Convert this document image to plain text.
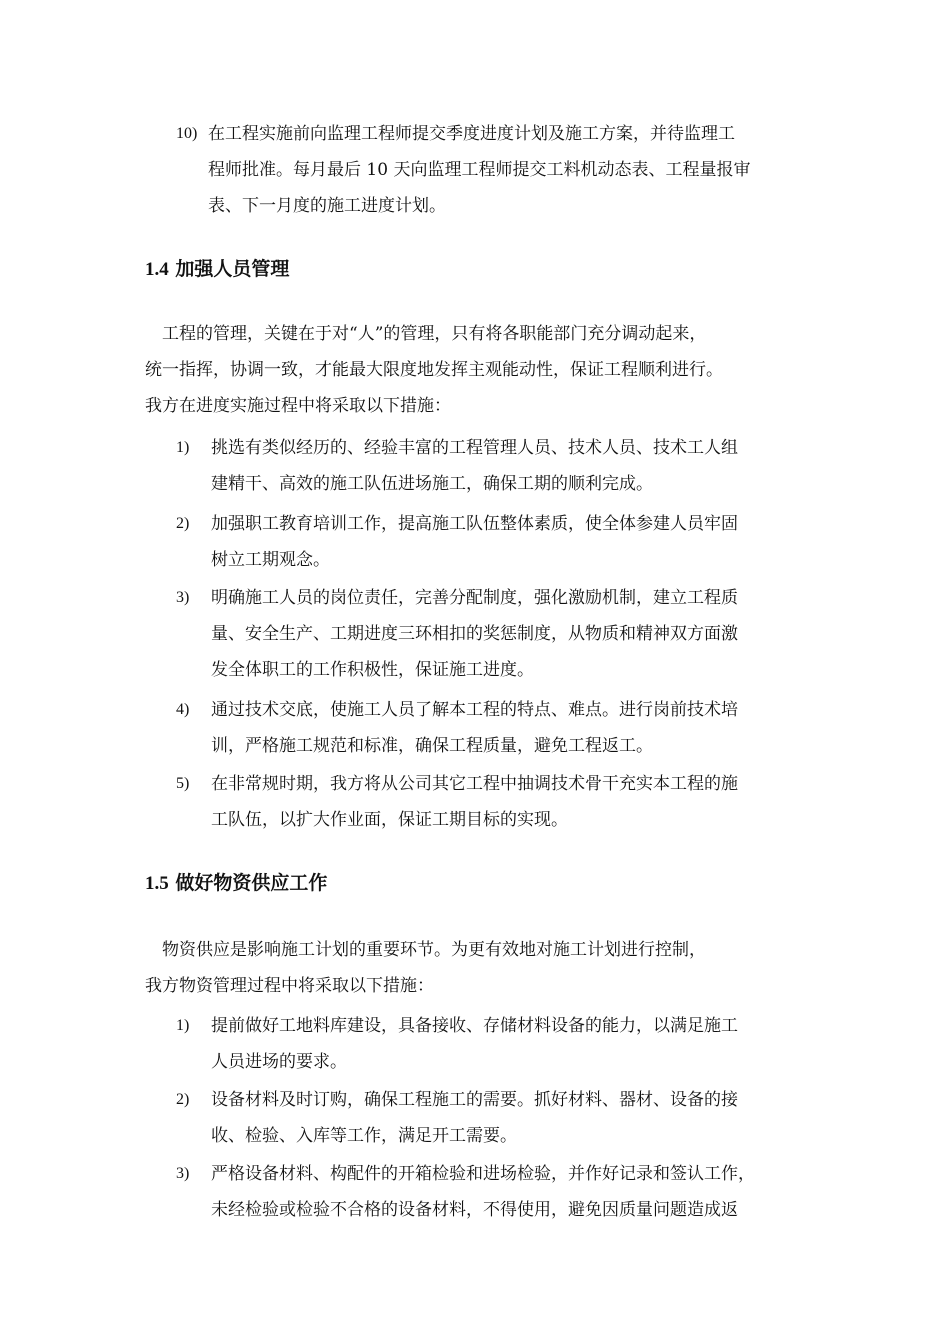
10) 在工程实施前向监理工程师提交季度进度计划及施工方案，并待监理工
程师批准。每月最后 10 天向监理工程师提交工料机动态表、工程量报审
表、下一月度的施工进度计划。
1.4 加强人员管理
　工程的管理，关键在于对“人”的管理，只有将各职能部门充分调动起来，
统一指挥，协调一致，才能最大限度地发挥主观能动性，保证工程顺利进行。
我方在进度实施过程中将采取以下措施：
1) 挑选有类似经历的、经验丰富的工程管理人员、技术人员、技术工人组
建精干、高效的施工队伍进场施工，确保工期的顺利完成。
2) 加强职工教育培训工作，提高施工队伍整体素质，使全体参建人员牢固
树立工期观念。
3) 明确施工人员的岗位责任，完善分配制度，强化激励机制，建立工程质
量、安全生产、工期进度三环相扣的奖惩制度，从物质和精神双方面激
发全体职工的工作积极性，保证施工进度。
4) 通过技术交底，使施工人员了解本工程的特点、难点。进行岗前技术培
训，严格施工规范和标准，确保工程质量，避免工程返工。
5) 在非常规时期，我方将从公司其它工程中抽调技术骨干充实本工程的施
工队伍，以扩大作业面，保证工期目标的实现。
1.5 做好物资供应工作
　物资供应是影响施工计划的重要环节。为更有效地对施工计划进行控制，
我方物资管理过程中将采取以下措施：
1) 提前做好工地料库建设，具备接收、存储材料设备的能力，以满足施工
人员进场的要求。
2) 设备材料及时订购，确保工程施工的需要。抓好材料、器材、设备的接
收、检验、入库等工作，满足开工需要。
3) 严格设备材料、构配件的开箱检验和进场检验，并作好记录和签认工作，
未经检验或检验不合格的设备材料，不得使用，避免因质量问题造成返
